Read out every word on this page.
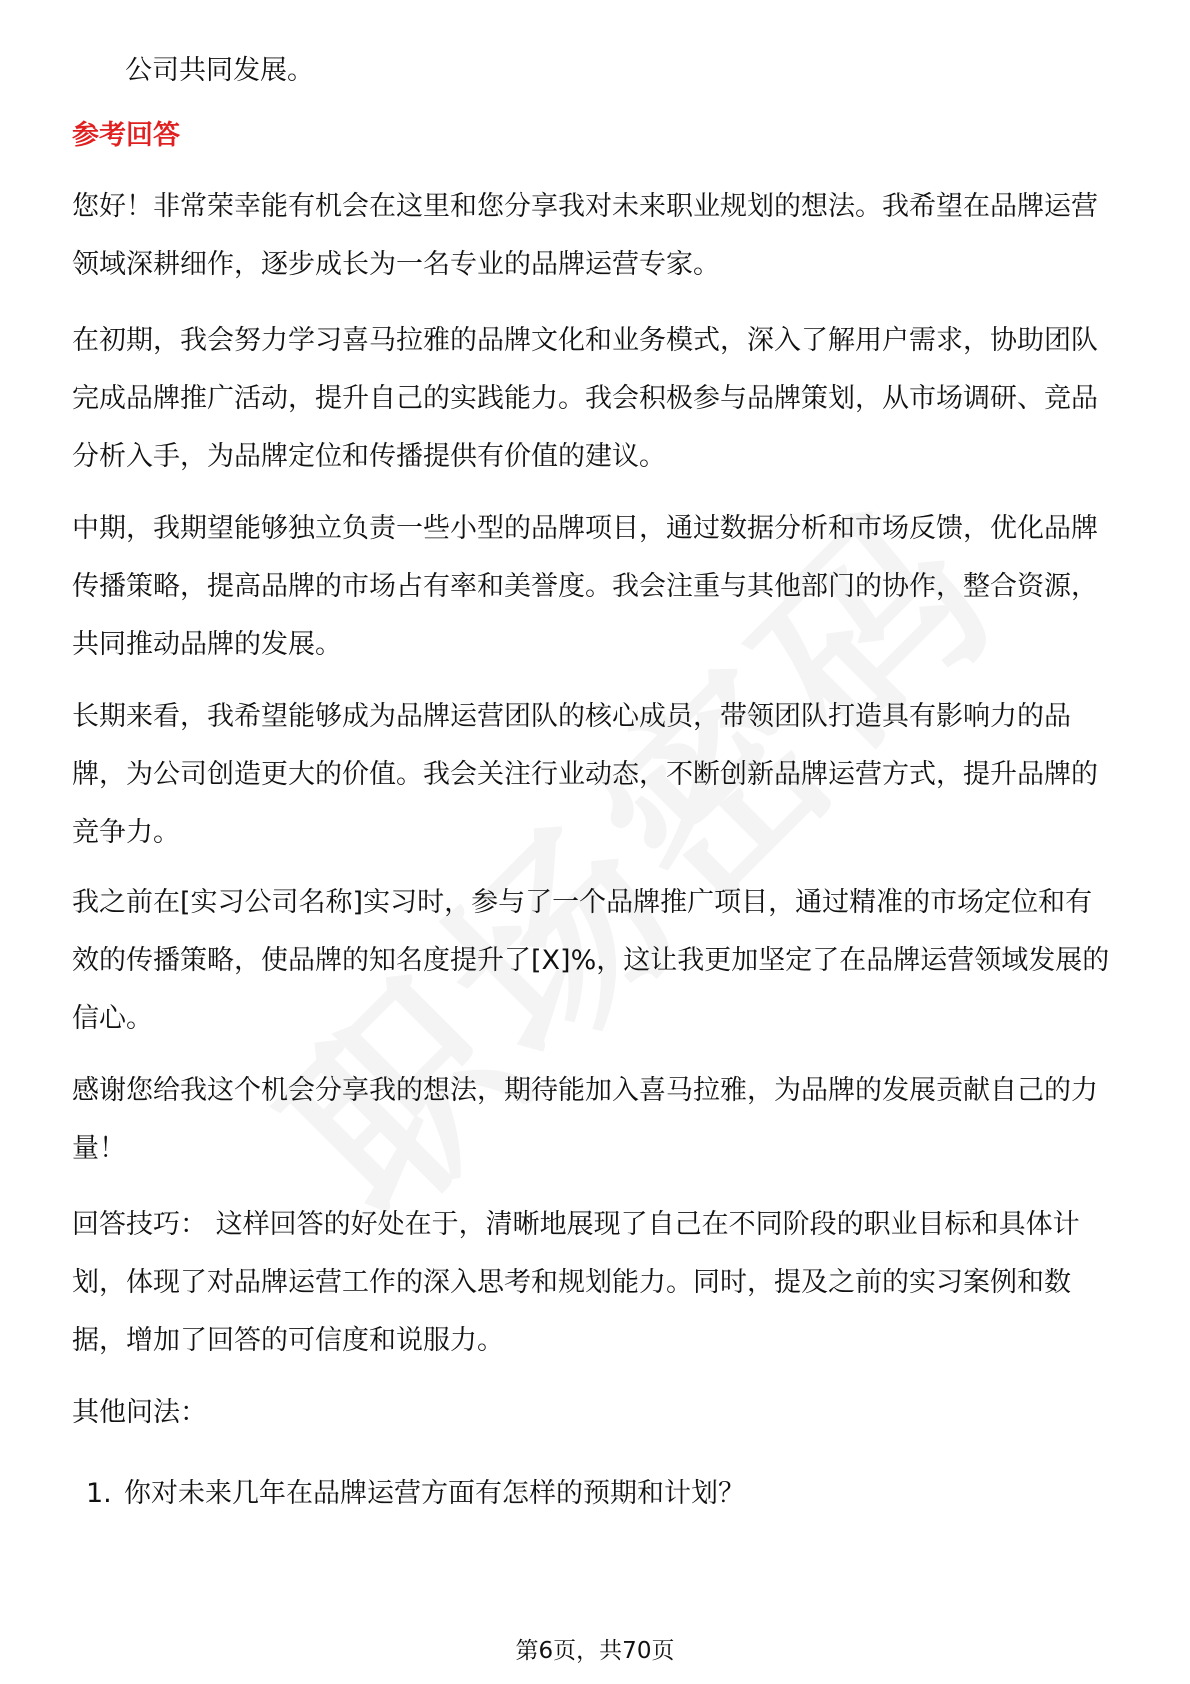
公司共同发展。

参考回答

您好！非常荣幸能有机会在这里和您分享我对未来职业规划的想法。我希望在品牌运营领域深耕细作，逐步成长为一名专业的品牌运营专家。

在初期，我会努力学习喜马拉雅的品牌文化和业务模式，深入了解用户需求，协助团队完成品牌推广活动，提升自己的实践能力。我会积极参与品牌策划，从市场调研、竞品分析入手，为品牌定位和传播提供有价值的建议。

中期，我期望能够独立负责一些小型的品牌项目，通过数据分析和市场反馈，优化品牌传播策略，提高品牌的市场占有率和美誉度。我会注重与其他部门的协作，整合资源，共同推动品牌的发展。

长期来看，我希望能够成为品牌运营团队的核心成员，带领团队打造具有影响力的品牌，为公司创造更大的价值。我会关注行业动态，不断创新品牌运营方式，提升品牌的竞争力。

我之前在[实习公司名称]实习时，参与了一个品牌推广项目，通过精准的市场定位和有效的传播策略，使品牌的知名度提升了[X]%，这让我更加坚定了在品牌运营领域发展的信心。

感谢您给我这个机会分享我的想法，期待能加入喜马拉雅，为品牌的发展贡献自己的力量！

回答技巧： 这样回答的好处在于，清晰地展现了自己在不同阶段的职业目标和具体计划，体现了对品牌运营工作的深入思考和规划能力。同时，提及之前的实习案例和数据，增加了回答的可信度和说服力。

其他问法：

1. 你对未来几年在品牌运营方面有怎样的预期和计划？

第6页，共70页
